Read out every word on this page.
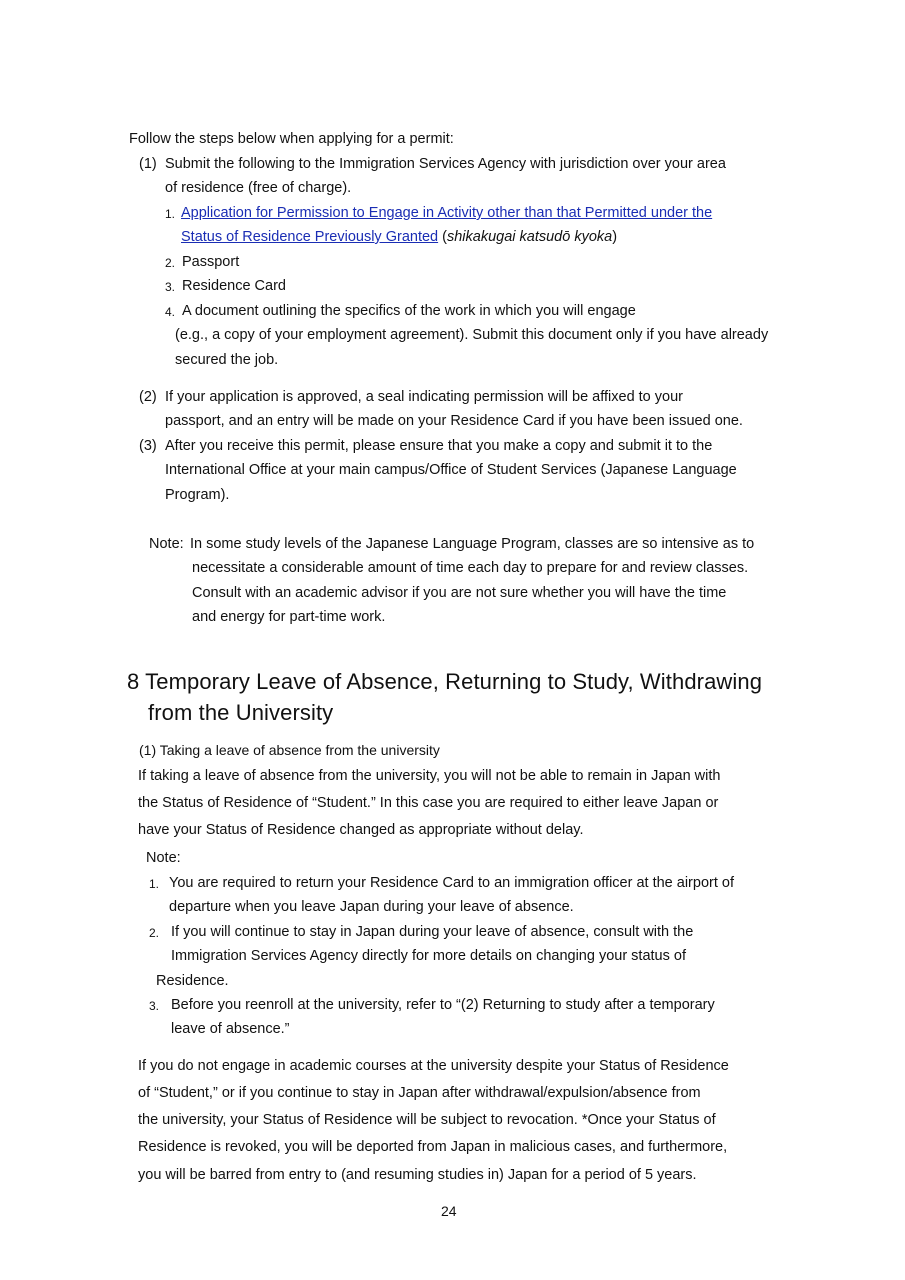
Follow the steps below when applying for a permit:
(1) Submit the following to the Immigration Services Agency with jurisdiction over your area
of residence (free of charge).
1. Application for Permission to Engage in Activity other than that Permitted under the
Status of Residence Previously Granted (shikakugai katsudō kyoka)
2. Passport
3. Residence Card
4. A document outlining the specifics of the work in which you will engage
(e.g., a copy of your employment agreement). Submit this document only if you have already
secured the job.
(2) If your application is approved, a seal indicating permission will be affixed to your
passport, and an entry will be made on your Residence Card if you have been issued one.
(3) After you receive this permit, please ensure that you make a copy and submit it to the
International Office at your main campus/Office of Student Services (Japanese Language
Program).
Note: In some study levels of the Japanese Language Program, classes are so intensive as to
necessitate a considerable amount of time each day to prepare for and review classes.
Consult with an academic advisor if you are not sure whether you will have the time
and energy for part-time work.
8 Temporary Leave of Absence, Returning to Study, Withdrawing
from the University
(1) Taking a leave of absence from the university
If taking a leave of absence from the university, you will not be able to remain in Japan with
the Status of Residence of “Student.” In this case you are required to either leave Japan or
have your Status of Residence changed as appropriate without delay.
Note:
1. You are required to return your Residence Card to an immigration officer at the airport of
departure when you leave Japan during your leave of absence.
2. If you will continue to stay in Japan during your leave of absence, consult with the
Immigration Services Agency directly for more details on changing your status of
Residence.
3. Before you reenroll at the university, refer to “(2) Returning to study after a temporary
leave of absence.”
If you do not engage in academic courses at the university despite your Status of Residence
of “Student,” or if you continue to stay in Japan after withdrawal/expulsion/absence from
the university, your Status of Residence will be subject to revocation. *Once your Status of
Residence is revoked, you will be deported from Japan in malicious cases, and furthermore,
you will be barred from entry to (and resuming studies in) Japan for a period of 5 years.
24
